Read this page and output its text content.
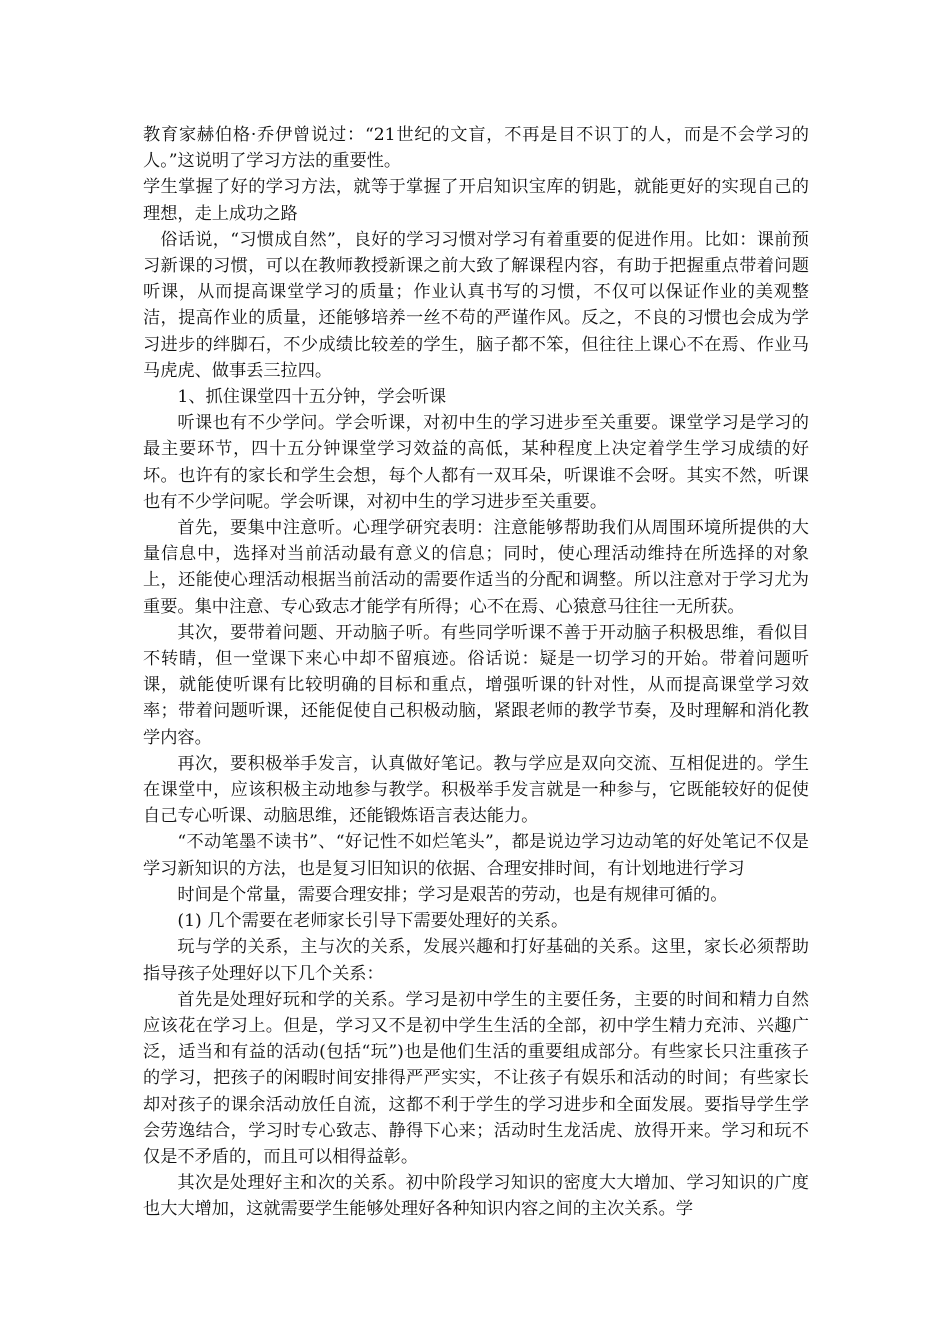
教育家赫伯格·乔伊曾说过：“21世纪的文盲，不再是目不识丁的人，而是不会学习的人。”这说明了学习方法的重要性。

学生掌握了好的学习方法，就等于掌握了开启知识宝库的钥匙，就能更好的实现自己的理想，走上成功之路

俗话说，“习惯成自然”，良好的学习习惯对学习有着重要的促进作用。比如：课前预习新课的习惯，可以在教师教授新课之前大致了解课程内容，有助于把握重点带着问题听课，从而提高课堂学习的质量；作业认真书写的习惯，不仅可以保证作业的美观整洁，提高作业的质量，还能够培养一丝不苟的严谨作风。反之，不良的习惯也会成为学习进步的绊脚石，不少成绩比较差的学生，脑子都不笨，但往往上课心不在焉、作业马马虎虎、做事丢三拉四。

1、抓住课堂四十五分钟，学会听课

听课也有不少学问。学会听课，对初中生的学习进步至关重要。课堂学习是学习的最主要环节，四十五分钟课堂学习效益的高低，某种程度上决定着学生学习成绩的好坏。也许有的家长和学生会想，每个人都有一双耳朵，听课谁不会呀。其实不然，听课也有不少学问呢。学会听课，对初中生的学习进步至关重要。

首先，要集中注意听。心理学研究表明：注意能够帮助我们从周围环境所提供的大量信息中，选择对当前活动最有意义的信息；同时，使心理活动维持在所选择的对象上，还能使心理活动根据当前活动的需要作适当的分配和调整。所以注意对于学习尤为重要。集中注意、专心致志才能学有所得；心不在焉、心猿意马往往一无所获。

其次，要带着问题、开动脑子听。有些同学听课不善于开动脑子积极思维，看似目不转睛，但一堂课下来心中却不留痕迹。俗话说：疑是一切学习的开始。带着问题听课，就能使听课有比较明确的目标和重点，增强听课的针对性，从而提高课堂学习效率；带着问题听课，还能促使自己积极动脑，紧跟老师的教学节奏，及时理解和消化教学内容。

再次，要积极举手发言，认真做好笔记。教与学应是双向交流、互相促进的。学生在课堂中，应该积极主动地参与教学。积极举手发言就是一种参与，它既能较好的促使自己专心听课、动脑思维，还能锻炼语言表达能力。

“不动笔墨不读书”、“好记性不如烂笔头”，都是说边学习边动笔的好处笔记不仅是学习新知识的方法，也是复习旧知识的依据、合理安排时间，有计划地进行学习

时间是个常量，需要合理安排；学习是艰苦的劳动，也是有规律可循的。

(1) 几个需要在老师家长引导下需要处理好的关系。

玩与学的关系，主与次的关系，发展兴趣和打好基础的关系。这里，家长必须帮助指导孩子处理好以下几个关系：

首先是处理好玩和学的关系。学习是初中学生的主要任务，主要的时间和精力自然应该花在学习上。但是，学习又不是初中学生生活的全部，初中学生精力充沛、兴趣广泛，适当和有益的活动(包括“玩”)也是他们生活的重要组成部分。有些家长只注重孩子的学习，把孩子的闲暇时间安排得严严实实，不让孩子有娱乐和活动的时间；有些家长却对孩子的课余活动放任自流，这都不利于学生的学习进步和全面发展。要指导学生学会劳逸结合，学习时专心致志、静得下心来；活动时生龙活虎、放得开来。学习和玩不仅是不矛盾的，而且可以相得益彰。

其次是处理好主和次的关系。初中阶段学习知识的密度大大增加、学习知识的广度也大大增加，这就需要学生能够处理好各种知识内容之间的主次关系。学
